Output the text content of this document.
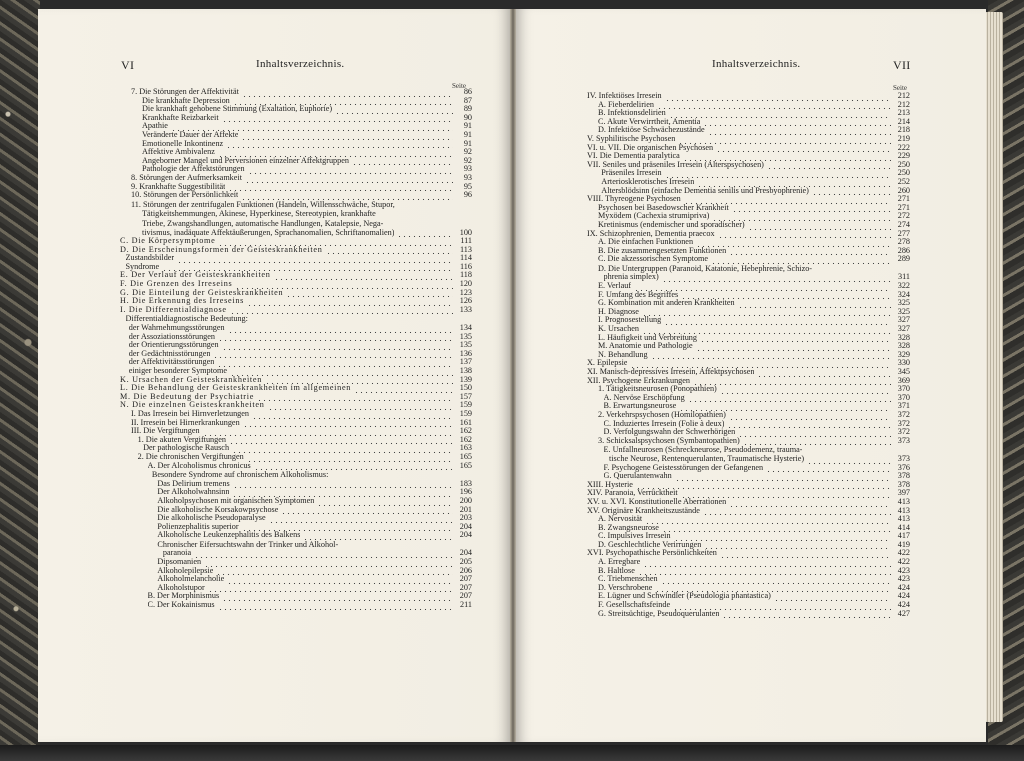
VI	Inhaltsverzeichnis.
Seite
Inhaltsverzeichnis.	VII
Seite
7. Die Störungen der Affektivität	86
Die krankhafte Depression	87
Die krankhaft gehobene Stimmung (Exaltation, Euphorie)	89
Krankhafte Reizbarkeit	90
Apathie	91
Veränderte Dauer der Affekte	91
Emotionelle Inkontinenz	91
Affektive Ambivalenz	92
Angeborner Mangel und Perversionen einzelner Affektgruppen	92
Pathologie der Affektstörungen	93
8. Störungen der Aufmerksamkeit	93
9. Krankhafte Suggestibilität	95
10. Störungen der Persönlichkeit	96
11. Störungen der zentrifugalen Funktionen (Handeln, Willensschwäche, Stupor,
Tätigkeitshemmungen, Akinese, Hyperkinese, Stereotypien, krankhafte
Triebe, Zwangshandlungen, automatische Handlungen, Katalepsie, Nega-
tivismus, inadäquate Affektäußerungen, Sprachanomalien, Schriftanomalien)	100
C. Die Körpersymptome	111
D. Die Erscheinungsformen der Geisteskrankheiten	113
Zustandsbilder	114
Syndrome	116
E. Der Verlauf der Geisteskrankheiten	118
F. Die Grenzen des Irreseins	120
G. Die Einteilung der Geisteskrankheiten	123
H. Die Erkennung des Irreseins	126
I. Die Differentialdiagnose	133
Differentialdiagnostische Bedeutung:
der Wahrnehmungsstörungen	134
der Assoziationsstörungen	135
der Orientierungsstörungen	135
der Gedächtnisstörungen	136
der Affektivitätsstörungen	137
einiger besonderer Symptome	138
K. Ursachen der Geisteskrankheiten	139
L. Die Behandlung der Geisteskrankheiten im allgemeinen	150
M. Die Bedeutung der Psychiatrie	157
N. Die einzelnen Geisteskrankheiten	159
I. Das Irresein bei Hirnverletzungen	159
II. Irresein bei Hirnerkrankungen	161
III. Die Vergiftungen	162
1. Die akuten Vergiftungen	162
Der pathologische Rausch	163
2. Die chronischen Vergiftungen	165
A. Der Alcoholismus chronicus	165
Besondere Syndrome auf chronischem Alkoholismus:
Das Delirium tremens	183
Der Alkoholwahnsinn	196
Alkoholpsychosen mit organischen Symptomen	200
Die alkoholische Korsakowpsychose	201
Die alkoholische Pseudoparalyse	203
Polienzephalitis superior	204
Alkoholische Leukenzephalitis des Balkens	204
Chronischer Eifersuchtswahn der Trinker und Alkohol-
paranoia	204
Dipsomanien	205
Alkoholepilepsie	206
Alkoholmelancholie	207
Alkoholstupor	207
B. Der Morphinismus	207
C. Der Kokainismus	211
IV. Infektiöses Irresein	212
A. Fieberdelirien	212
B. Infektionsdelirien	213
C. Akute Verwirrtheit, Amentia	214
D. Infektiöse Schwächezustände	218
V. Syphilitische Psychosen	219
VI. u. VII. Die organischen Psychosen	222
VI. Die Dementia paralytica	229
VII. Seniles und präseniles Irresein (Alterspsychosen)	250
Präseniles Irresein	250
Arteriosklerotisches Irresein	252
Altersblödsinn (einfache Dementia senilis und Presbyophrenie)	260
VIII. Thyreogene Psychosen	271
Psychosen bei Basedowscher Krankheit	271
Myxödem (Cachexia strumipriva)	272
Kretinismus (endemischer und sporadischer)	274
IX. Schizophrenien, Dementia praecox	277
A. Die einfachen Funktionen	278
B. Die zusammengesetzten Funktionen	286
C. Die akzessorischen Symptome	289
D. Die Untergruppen (Paranoid, Katatonie, Hebephrenie, Schizo-
phrenia simplex)	311
E. Verlauf	322
F. Umfang des Begriffes	324
G. Kombination mit anderen Krankheiten	325
H. Diagnose	325
I. Prognosestellung	327
K. Ursachen	327
L. Häufigkeit und Verbreitung	328
M. Anatomie und Pathologie	328
N. Behandlung	329
X. Epilepsie	330
XI. Manisch-depressives Irresein, Affektpsychosen	345
XII. Psychogene Erkrankungen	369
1. Tätigkeitsneurosen (Ponopathien)	370
A. Nervöse Erschöpfung	370
B. Erwartungsneurose	371
2. Verkehrspsychosen (Homilopathien)	372
C. Induziertes Irresein (Folie à deux)	372
D. Verfolgungswahn der Schwerhörigen	372
3. Schicksalspsychosen (Symbantopathien)	373
E. Unfallneurosen (Schreckneurose, Pseudodemenz, trauma-
tische Neurose, Rentenquerulanten, Traumatische Hysterie)	373
F. Psychogene Geistesstörungen der Gefangenen	376
G. Querulantenwahn	378
XIII. Hysterie	378
XIV. Paranoia, Verrücktheit	397
XV. u. XVI. Konstitutionelle Aberrationen	413
XV. Originäre Krankheitszustände	413
A. Nervosität	413
B. Zwangsneurose	414
C. Impulsives Irresein	417
D. Geschlechtliche Verirrungen	419
XVI. Psychopathische Persönlichkeiten	422
A. Erregbare	422
B. Haltlose	423
C. Triebmenschen	423
D. Verschrobene	424
E. Lügner und Schwindler (Pseudologia phantastica)	424
F. Gesellschaftsfeinde	424
G. Streitsüchtige, Pseudoquerulanten	427
